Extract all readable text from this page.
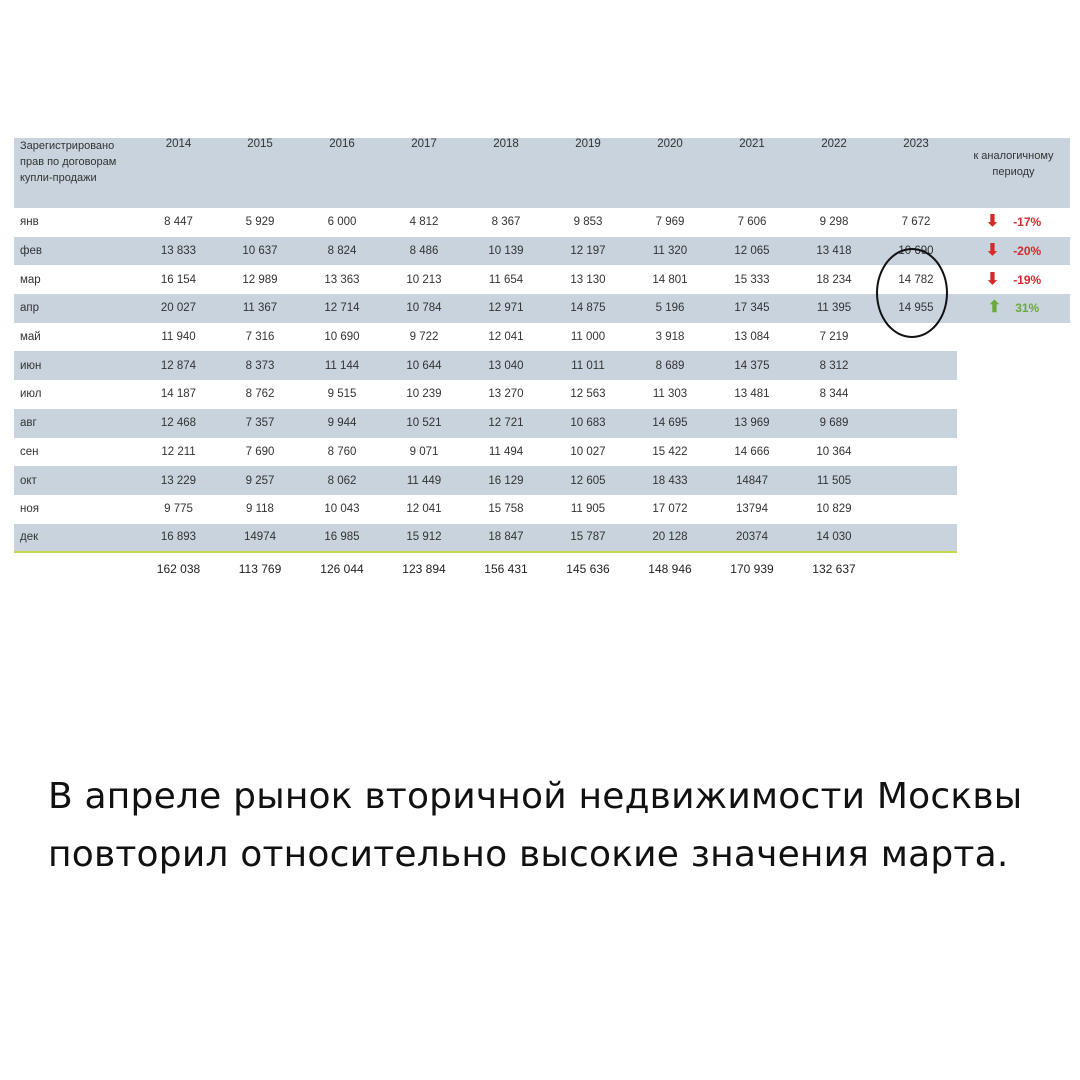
Зарегистрировано прав по договорам купли-продажи	2014	2015	2016	2017	2018	2019	2020	2021	2022	2023	к аналогичному периоду
янв	8 447	5 929	6 000	4 812	8 367	9 853	7 969	7 606	9 298	7 672	⬇ -17%

фев	13 833	10 637	8 824	8 486	10 139	12 197	11 320	12 065	13 418	10 690	⬇ -20%

мар	16 154	12 989	13 363	10 213	11 654	13 130	14 801	15 333	18 234	14 782	⬇ -19%

апр	20 027	11 367	12 714	10 784	12 971	14 875	5 196	17 345	11 395	14 955	⬆ 31%

май	11 940	7 316	10 690	9 722	12 041	11 000	3 918	13 084	7 219		
июн	12 874	8 373	11 144	10 644	13 040	11 011	8 689	14 375	8 312		
июл	14 187	8 762	9 515	10 239	13 270	12 563	11 303	13 481	8 344		
авг	12 468	7 357	9 944	10 521	12 721	10 683	14 695	13 969	9 689		
сен	12 211	7 690	8 760	9 071	11 494	10 027	15 422	14 666	10 364		
окт	13 229	9 257	8 062	11 449	16 129	12 605	18 433	14847	11 505		
ноя	9 775	9 118	10 043	12 041	15 758	11 905	17 072	13794	10 829		
дек	16 893	14974	16 985	15 912	18 847	15 787	20 128	20374	14 030		
	162 038	113 769	126 044	123 894	156 431	145 636	148 946	170 939	132 637		
В апреле рынок вторичной недвижимости Москвы повторил относительно высокие значения марта.
